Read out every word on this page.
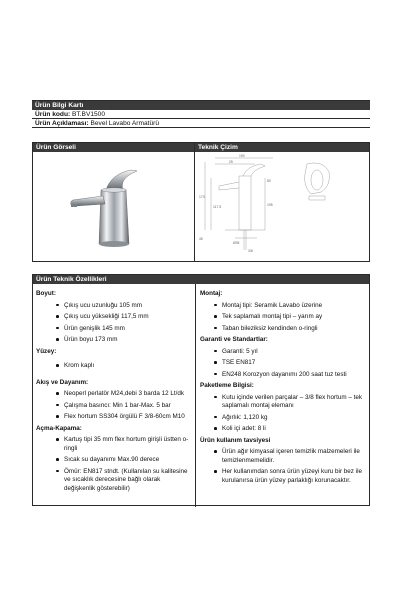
Ürün Bilgi Kartı
Ürün kodu: BT.BV1500
Ürün Açıklaması: Bevel Lavabo Armatürü
Ürün Görseli	Teknik Çizim
190
25
173
117.5	195
80
45
Ø35
3/8
Ürün Teknik Özellikleri
Boyut:
Çıkış ucu uzunluğu 105 mm
Çıkış ucu yüksekliği 117,5 mm
Ürün genişlik 145 mm
Ürün boyu 173 mm
Yüzey:
Krom kaplı
Akış ve Dayanım:
Neoperl perlatör M24,debi 3 barda 12 Lt/dk
Çalışma basıncı: Min 1 bar-Max. 5 bar
Flex hortum SS304 örgülü F 3/8-60cm M10
Açma-Kapama:
Kartuş tipi 35 mm flex hortum girişli üstten o-ringli
Sıcak su dayanımı Max.90 derece
Ömür: EN817 stndt. (Kullanılan su kalitesine ve sıcaklık derecesine bağlı olarak değişkenlik gösterebilir)
Montaj:
Montaj tipi: Seramik Lavabo üzerine
Tek saplamalı montaj tipi – yarım ay
Taban bileziksiz kendinden o-ringli
Garanti ve Standartlar:
Garanti: 5 yıl
TSE EN817
EN248 Korozyon dayanımı 200 saat tuz testi
Paketleme Bilgisi:
Kutu içinde verilen parçalar – 3/8 flex hortum – tek saplamalı montaj elemanı
Ağırlık: 1,120 kg
Koli içi adet: 8 li
Ürün kullanım tavsiyesi
Ürün ağır kimyasal içeren temizlik malzemeleri ile temizlenmemelidir.
Her kullanımdan sonra ürün yüzeyi kuru bir bez ile kurulanırsa ürün yüzey parlaklığı korunacaktır.
